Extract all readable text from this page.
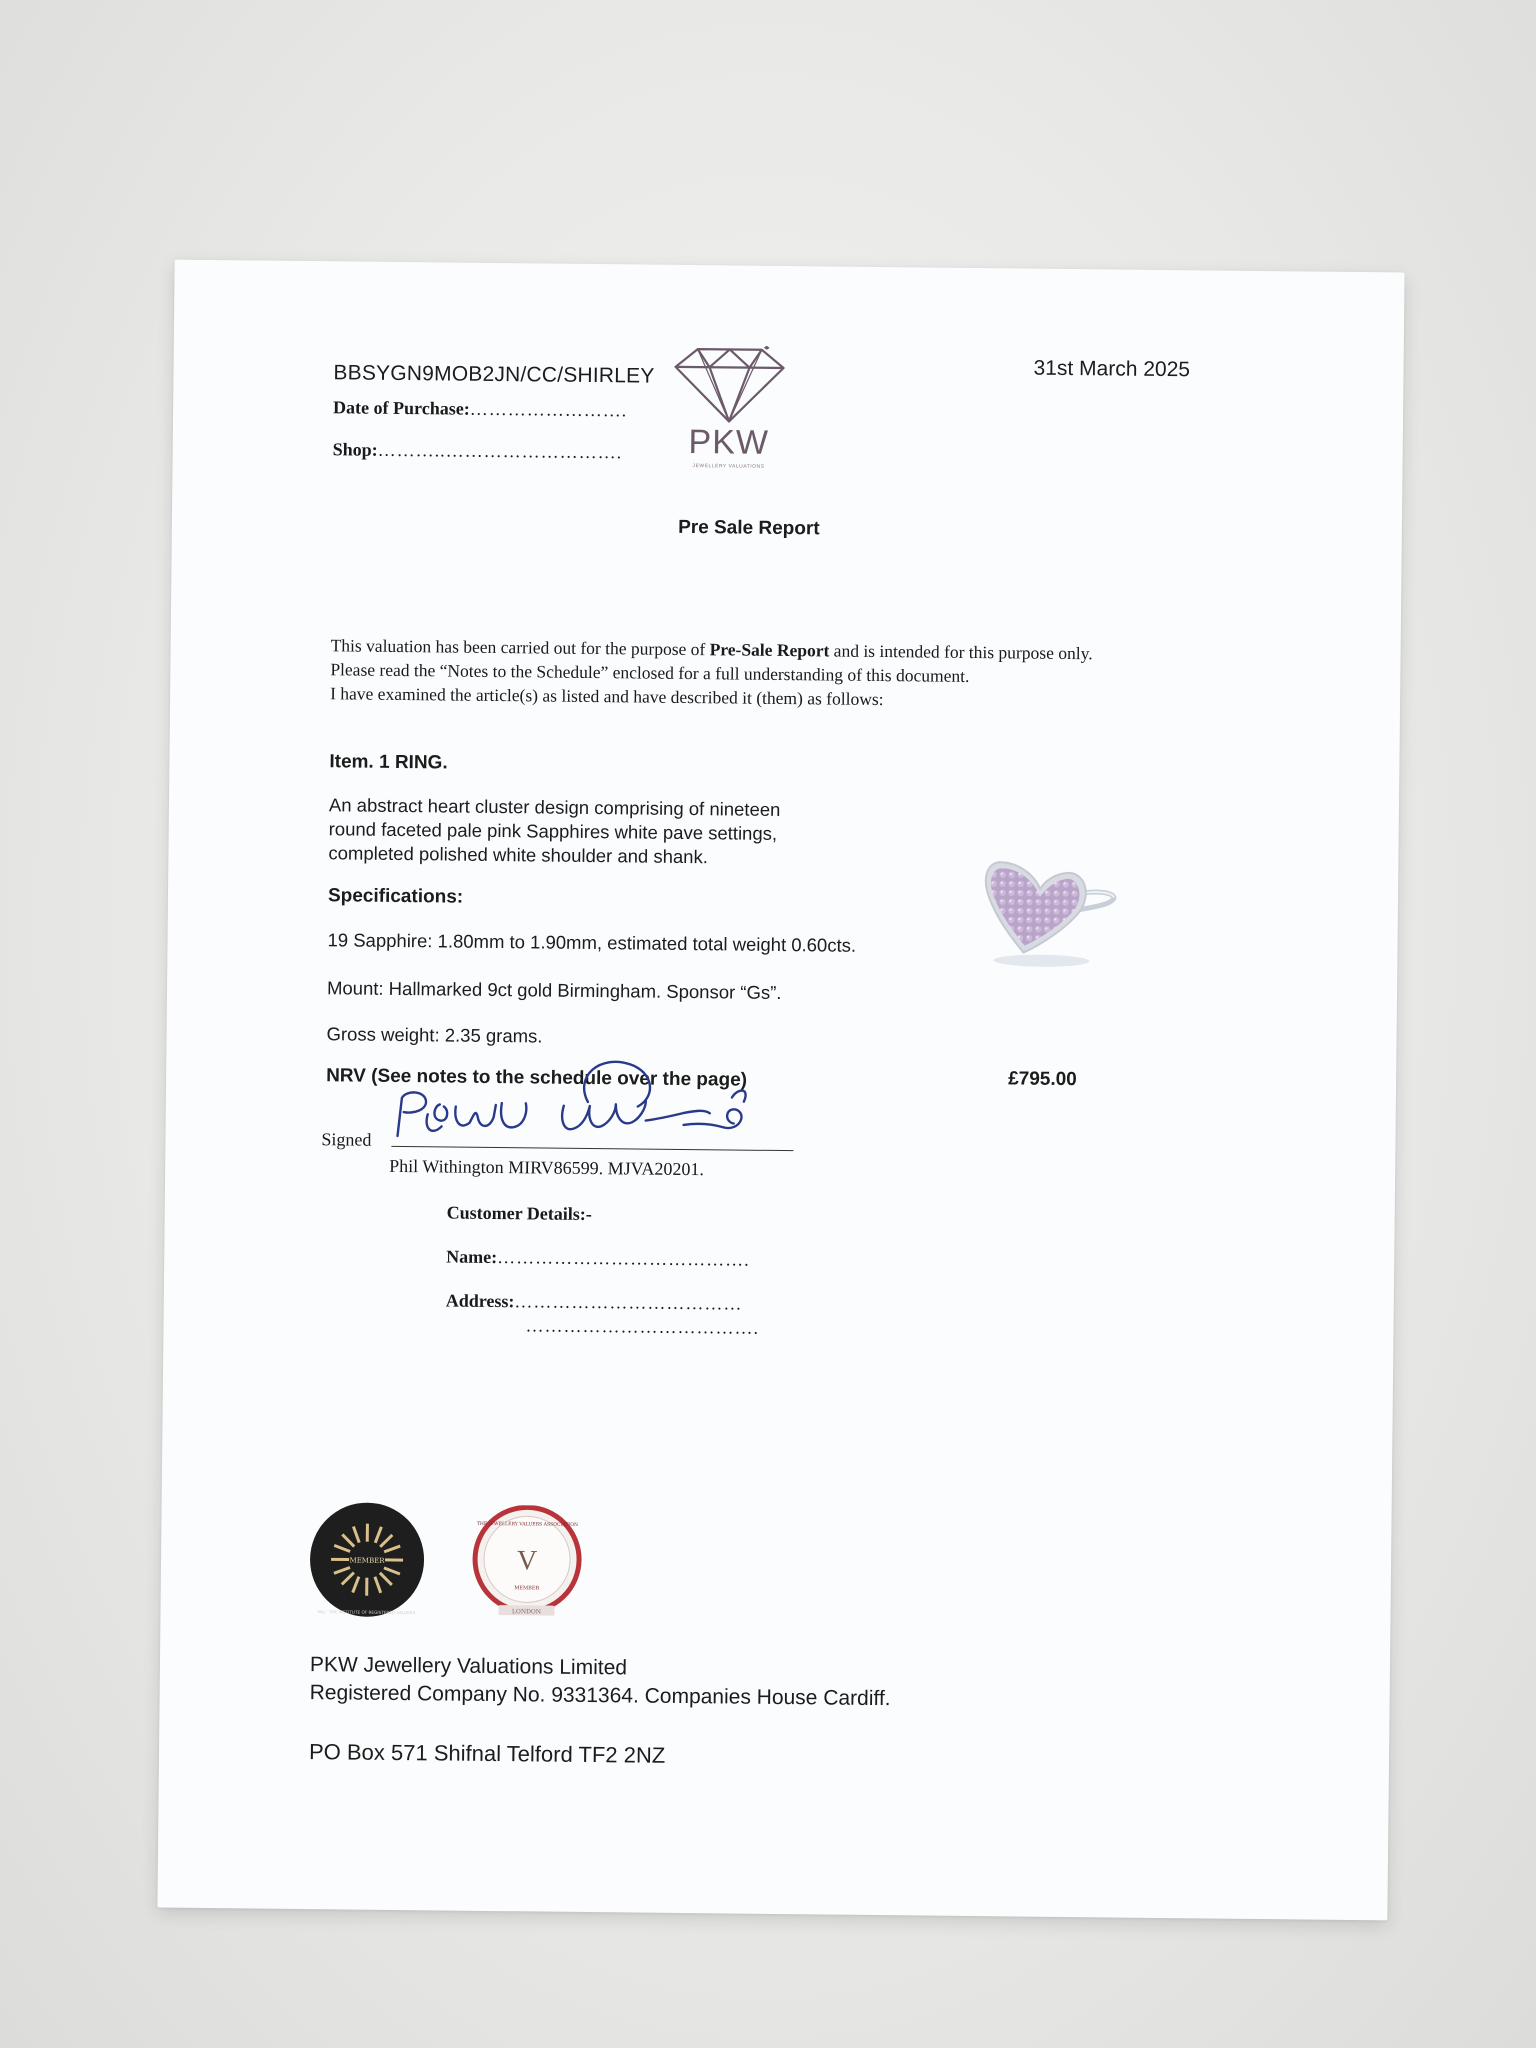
BBSYGN9MOB2JN/CC/SHIRLEY
Date of Purchase:…………………….
Shop:………..……………………….	PKW
JEWELLERY VALUATIONS
31st March 2025
Pre Sale Report
This valuation has been carried out for the purpose of Pre-Sale Report and is intended for this purpose only.
Please read the “Notes to the Schedule” enclosed for a full understanding of this document.
I have examined the article(s) as listed and have described it (them) as follows:
Item. 1 RING.
An abstract heart cluster design comprising of nineteen
round faceted pale pink Sapphires white pave settings,
completed polished white shoulder and shank.
Specifications:
19 Sapphire: 1.80mm to 1.90mm, estimated total weight 0.60cts.
Mount: Hallmarked 9ct gold Birmingham. Sponsor “Gs”.
Gross weight: 2.35 grams.
NRV (See notes to the schedule over the page)	£795.00
Signed
Phil Withington MIRV86599. MJVA20201.
Customer Details:-
Name:………………………………….
Address:………………………………
……………………………….
MEMBER
NAJ · THE INSTITUTE OF REGISTERED VALUERS
V
THE JEWELLERY VALUERS ASSOCIATION
MEMBER
LONDON
PKW Jewellery Valuations Limited
Registered Company No. 9331364. Companies House Cardiff.
PO Box 571 Shifnal Telford TF2 2NZ
